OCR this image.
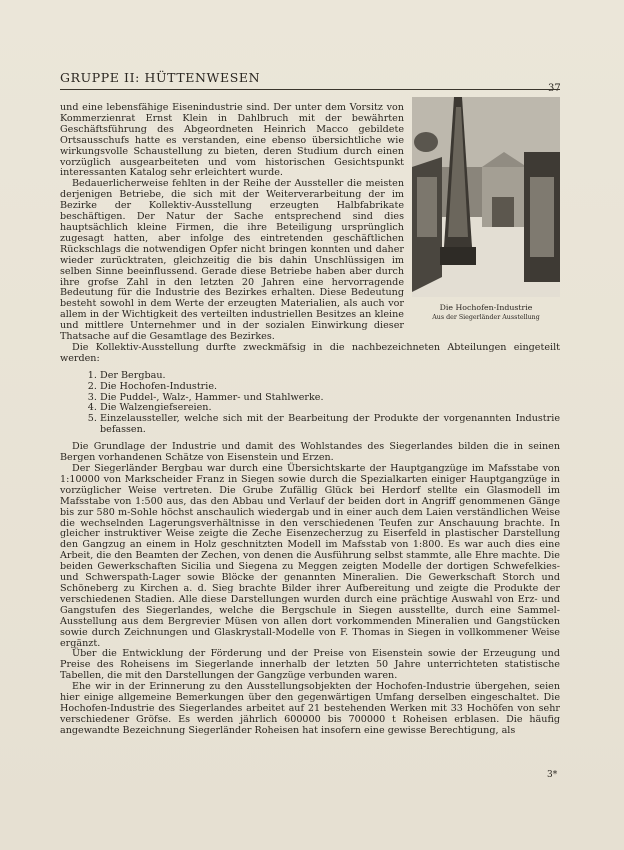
GRUPPE II: HÜTTENWESEN
Die Hochofen-Industrie
Aus der Siegerländer Ausstellung

und eine lebensfähige Eisenindustrie sind. Der unter dem Vorsitz von Kommerzienrat Ernst Klein in Dahlbruch mit der bewährten Geschäftsführung des Abgeordneten Heinrich Macco gebildete Ortsausschufs hatte es verstanden, eine ebenso übersichtliche wie wirkungsvolle Schaustellung zu bieten, deren Studium durch einen vorzüglich ausgearbeiteten und vom historischen Gesichtspunkt interessanten Katalog sehr erleichtert wurde.

Bedauerlicherweise fehlten in der Reihe der Aussteller die meisten derjenigen Betriebe, die sich mit der Weiterverarbeitung der im Bezirke der Kollektiv-Ausstellung erzeugten Halbfabrikate beschäftigen. Der Natur der Sache entsprechend sind dies hauptsächlich kleine Firmen, die ihre Beteiligung ursprünglich zugesagt hatten, aber infolge des eintretenden geschäftlichen Rückschlags die notwendigen Opfer nicht bringen konnten und daher wieder zurücktraten, gleichzeitig die bis dahin Unschlüssigen im selben Sinne beeinflussend. Gerade diese Betriebe haben aber durch ihre grofse Zahl in den letzten 20 Jahren eine hervorragende Bedeutung für die Industrie des Bezirkes erhalten. Diese Bedeutung besteht sowohl in dem Werte der erzeugten Materialien, als auch vor allem in der Wichtigkeit des verteilten industriellen Besitzes an kleine und mittlere Unternehmer und in der sozialen Einwirkung dieser Thatsache auf die Gesamtlage des Bezirkes.

Die Kollektiv-Ausstellung durfte zweckmäfsig in die nachbezeichneten Abteilungen eingeteilt werden:

1. Der Bergbau.
2. Die Hochofen-Industrie.
3. Die Puddel-, Walz-, Hammer- und Stahlwerke.
4. Die Walzengiefsereien.
5. Einzelaussteller, welche sich mit der Bearbeitung der Produkte der vorgenannten Industrie befassen.

Die Grundlage der Industrie und damit des Wohlstandes des Siegerlandes bilden die in seinen Bergen vorhandenen Schätze von Eisenstein und Erzen.

Der Siegerländer Bergbau war durch eine Übersichtskarte der Hauptgangzüge im Mafsstabe von 1:10000 von Markscheider Franz in Siegen sowie durch die Spezialkarten einiger Hauptgangzüge in vorzüglicher Weise vertreten. Die Grube Zufällig Glück bei Herdorf stellte ein Glasmodell im Mafsstabe von 1:500 aus, das den Abbau und Verlauf der beiden dort in Angriff genommenen Gänge bis zur 580 m-Sohle höchst anschaulich wiedergab und in einer auch dem Laien verständlichen Weise die wechselnden Lagerungsverhältnisse in den verschiedenen Teufen zur Anschauung brachte. In gleicher instruktiver Weise zeigte die Zeche Eisenzecherzug zu Eiserfeld in plastischer Darstellung den Gangzug an einem in Holz geschnitzten Modell im Mafsstab von 1:800. Es war auch dies eine Arbeit, die den Beamten der Zechen, von denen die Ausführung selbst stammte, alle Ehre machte. Die beiden Gewerkschaften Sicilia und Siegena zu Meggen zeigten Modelle der dortigen Schwefelkies- und Schwerspath-Lager sowie Blöcke der genannten Mineralien. Die Gewerkschaft Storch und Schöneberg zu Kirchen a. d. Sieg brachte Bilder ihrer Aufbereitung und zeigte die Produkte der verschiedenen Stadien. Alle diese Darstellungen wurden durch eine prächtige Auswahl von Erz- und Gangstufen des Siegerlandes, welche die Bergschule in Siegen ausstellte, durch eine Sammel-Ausstellung aus dem Bergrevier Müsen von allen dort vorkommenden Mineralien und Gangstücken sowie durch Zeichnungen und Glaskrystall-Modelle von F. Thomas in Siegen in vollkommener Weise ergänzt.

Über die Entwicklung der Förderung und der Preise von Eisenstein sowie der Erzeugung und Preise des Roheisens im Siegerlande innerhalb der letzten 50 Jahre unterrichteten statistische Tabellen, die mit den Darstellungen der Gangzüge verbunden waren.

Ehe wir in der Erinnerung zu den Ausstellungsobjekten der Hochofen-Industrie übergehen, seien hier einige allgemeine Bemerkungen über den gegenwärtigen Umfang derselben eingeschaltet. Die Hochofen-Industrie des Siegerlandes arbeitet auf 21 bestehenden Werken mit 33 Hochöfen von sehr verschiedener Gröfse. Es werden jährlich 600000 bis 700000 t Roheisen erblasen. Die häufig angewandte Bezeichnung Siegerländer Roheisen hat insofern eine gewisse Berechtigung, als

3*
